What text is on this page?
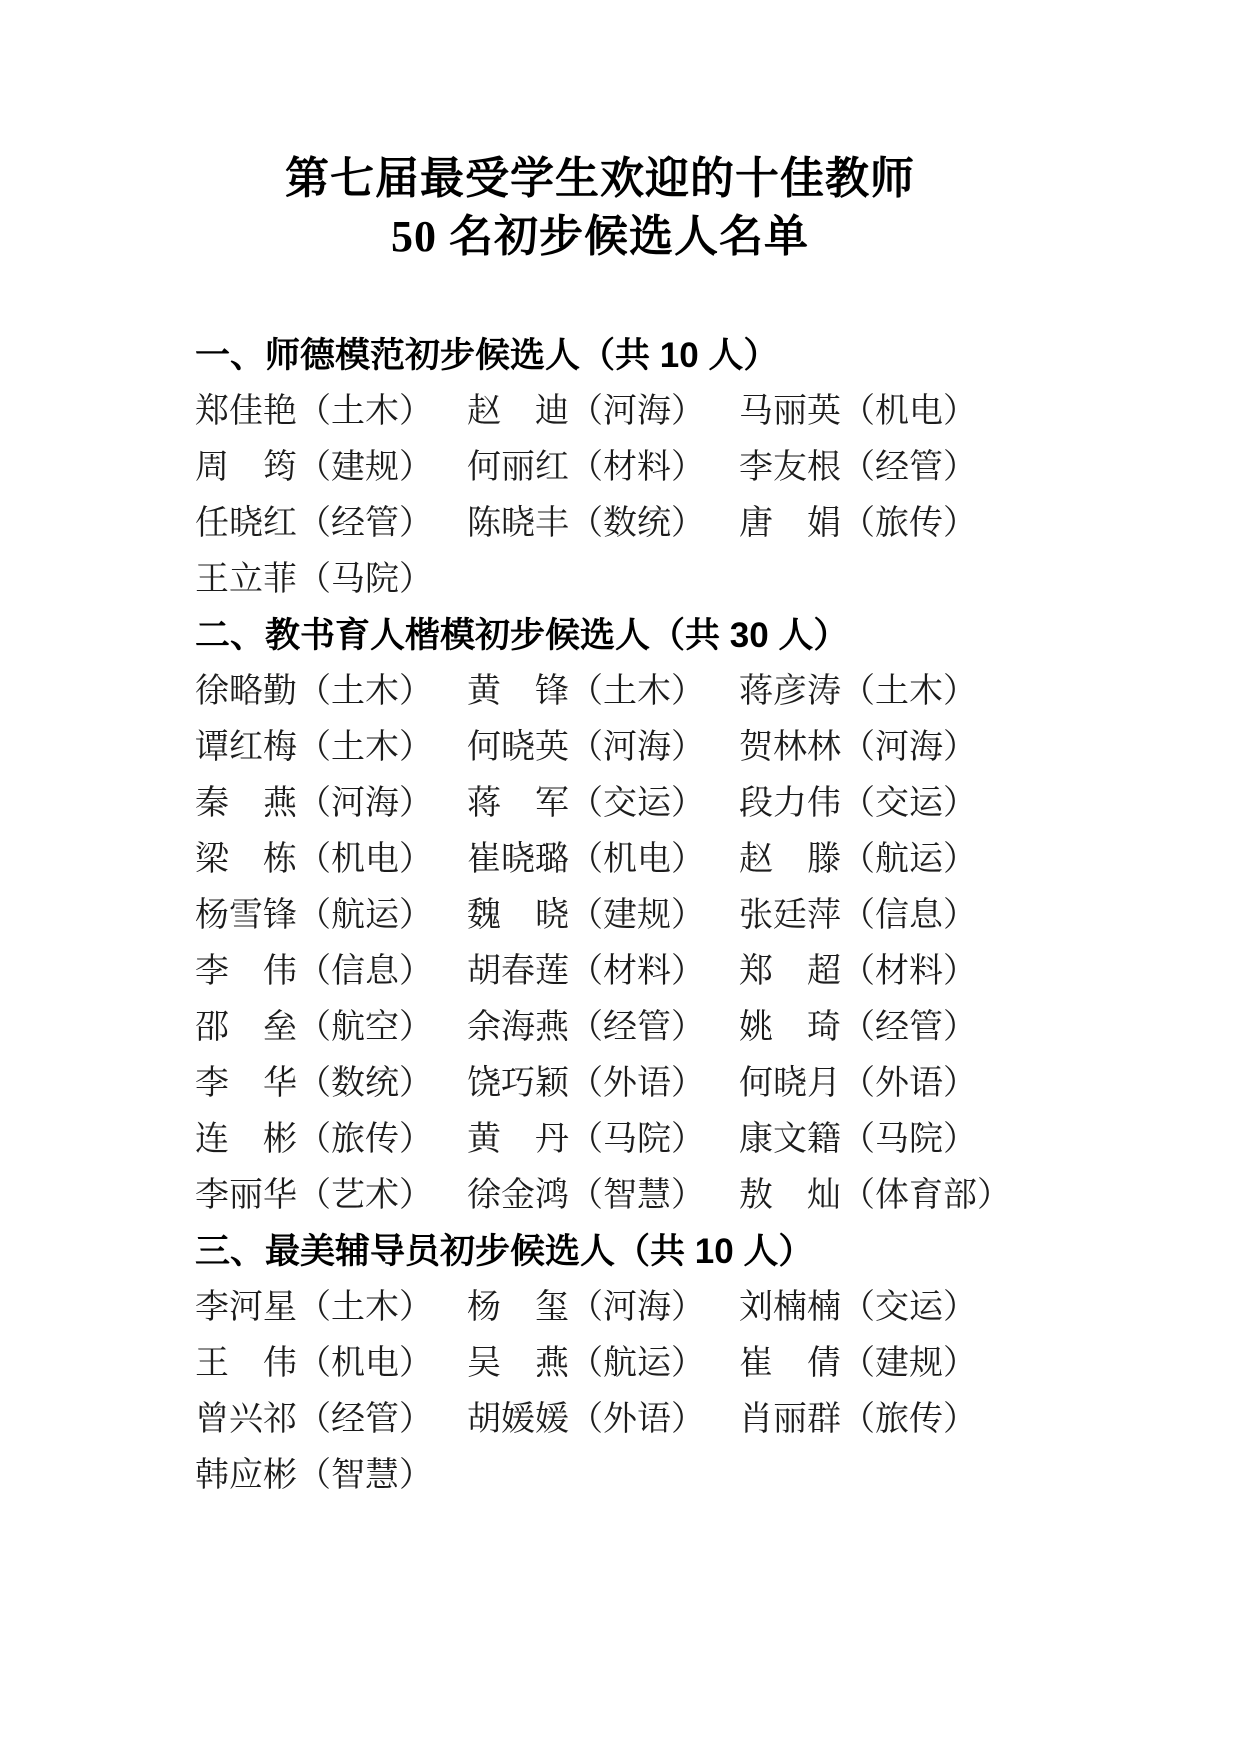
第七届最受学生欢迎的十佳教师
50 名初步候选人名单
一、师德模范初步候选人（共 10 人）
郑佳艳（土木）	赵　迪（河海）	马丽英（机电）
周　筠（建规）	何丽红（材料）	李友根（经管）
任晓红（经管）	陈晓丰（数统）	唐　娟（旅传）
王立菲（马院）
二、教书育人楷模初步候选人（共 30 人）
徐略勤（土木）	黄　锋（土木）	蒋彦涛（土木）
谭红梅（土木）	何晓英（河海）	贺林林（河海）
秦　燕（河海）	蒋　军（交运）	段力伟（交运）
梁　栋（机电）	崔晓璐（机电）	赵　滕（航运）
杨雪锋（航运）	魏　晓（建规）	张廷萍（信息）
李　伟（信息）	胡春莲（材料）	郑　超（材料）
邵　垒（航空）	余海燕（经管）	姚　琦（经管）
李　华（数统）	饶巧颖（外语）	何晓月（外语）
连　彬（旅传）	黄　丹（马院）	康文籍（马院）
李丽华（艺术）	徐金鸿（智慧）	敖　灿（体育部）
三、最美辅导员初步候选人（共 10 人）
李河星（土木）	杨　玺（河海）	刘楠楠（交运）
王　伟（机电）	吴　燕（航运）	崔　倩（建规）
曾兴祁（经管）	胡媛媛（外语）	肖丽群（旅传）
韩应彬（智慧）
